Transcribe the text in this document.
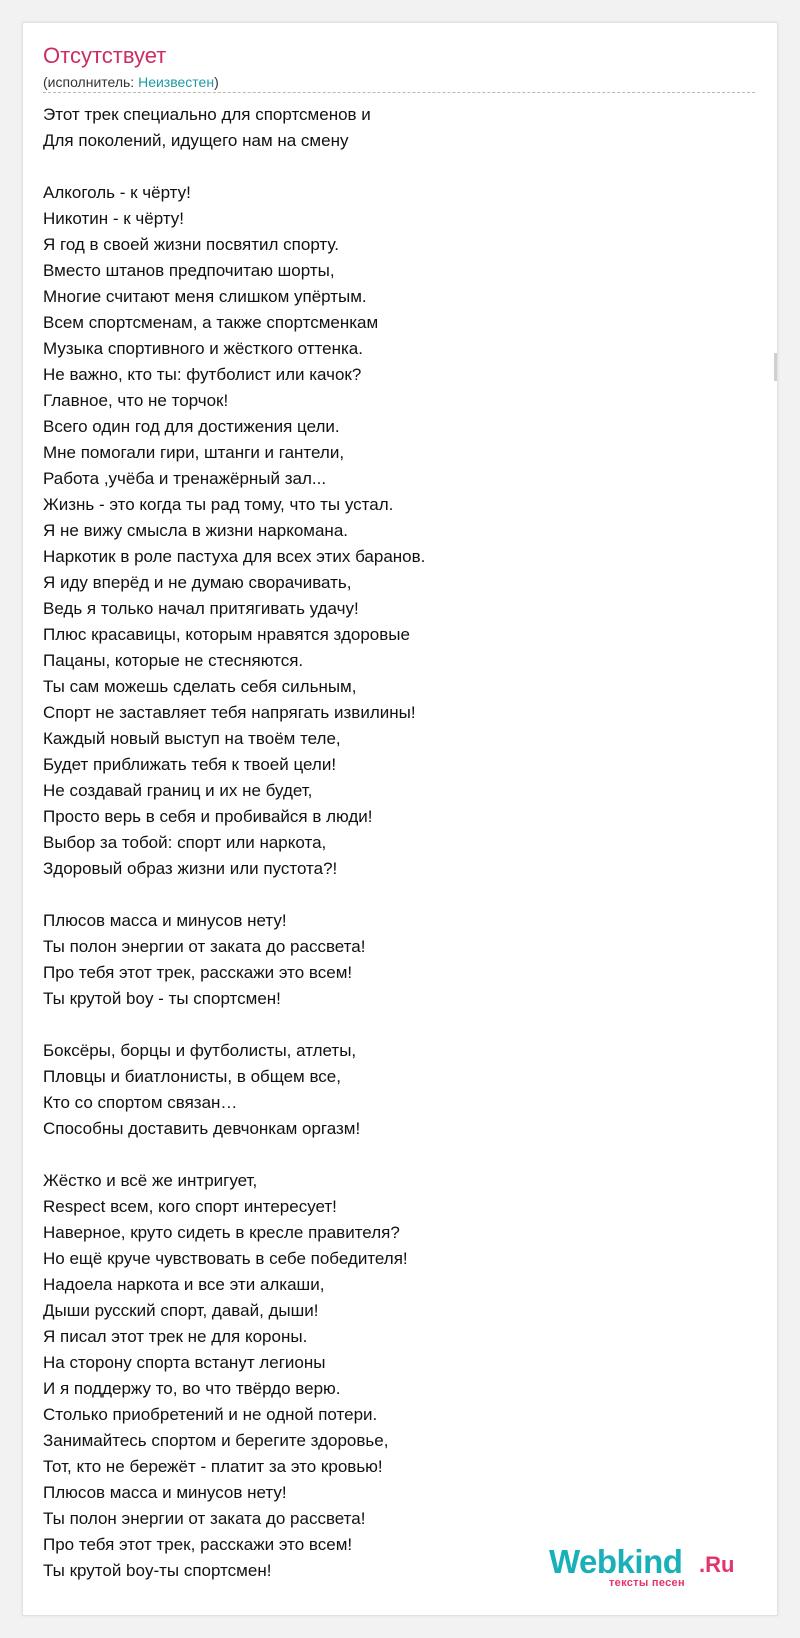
Отсутствует
(исполнитель: Неизвестен)
Этот трек специально для спортсменов и
Для поколений, идущего нам на смену
Алкоголь - к чёрту!
Никотин - к чёрту!
Я год в своей жизни посвятил спорту.
Вместо штанов предпочитаю шорты,
Многие считают меня слишком упёртым.
Всем спортсменам, а также спортсменкам
Музыка спортивного и жёсткого оттенка.
Не важно, кто ты: футболист или качок?
Главное, что не торчок!
Всего один год для достижения цели.
Мне помогали гири, штанги и гантели,
Работа ,учёба и тренажёрный зал...
Жизнь - это когда ты рад тому, что ты устал.
Я не вижу смысла в жизни наркомана.
Наркотик в роле пастуха для всех этих баранов.
Я иду вперёд и не думаю сворачивать,
Ведь я только начал притягивать удачу!
Плюс красавицы, которым нравятся здоровые
Пацаны, которые не стесняются.
Ты сам можешь сделать себя сильным,
Спорт не заставляет тебя напрягать извилины!
Каждый новый выступ на твоём теле,
Будет приближать тебя к твоей цели!
Не создавай границ и их не будет,
Просто верь в себя и пробивайся в люди!
Выбор за тобой: спорт или наркота,
Здоровый образ жизни или пустота?!
Плюсов масса и минусов нету!
Ты полон энергии от заката до рассвета!
Про тебя этот трек, расскажи это всем!
Ты крутой boy - ты спортсмен!
Боксёры, борцы и футболисты, атлеты,
Пловцы и биатлонисты, в общем все,
Кто со спортом связан…
Способны доставить девчонкам оргазм!
Жёстко и всё же интригует,
Respect всем, кого спорт интересует!
Наверное, круто сидеть в кресле правителя?
Но ещё круче чувствовать в себе победителя!
Надоела наркота и все эти алкаши,
Дыши русский спорт, давай, дыши!
Я писал этот трек не для короны.
На сторону спорта встанут легионы
И я поддержу то, во что твёрдо верю.
Столько приобретений и не одной потери.
Занимайтесь спортом и берегите здоровье,
Тот, кто не бережёт - платит за это кровью!
Плюсов масса и минусов нету!
Ты полон энергии от заката до рассвета!
Про тебя этот трек, расскажи это всем!
Ты крутой boy-ты спортсмен!	Webkind .Ru
тексты песен
